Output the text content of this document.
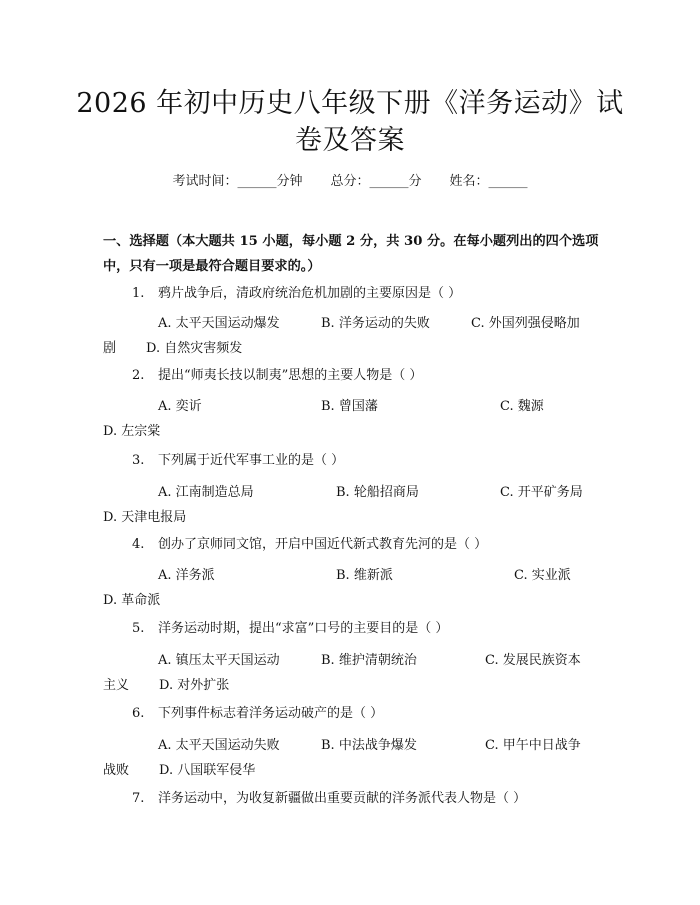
2026 年初中历史八年级下册《洋务运动》试
卷及答案
考试时间：______分钟 总分：______分 姓名：______
一、选择题（本大题共 15 小题，每小题 2 分，共 30 分。在每小题列出的四个选项中，只有一项是最符合题目要求的。）
1. 鸦片战争后，清政府统治危机加剧的主要原因是（ ）
A. 太平天国运动爆发	B. 洋务运动的失败	C. 外国列强侵略加
剧 D. 自然灾害频发
2. 提出“师夷长技以制夷”思想的主要人物是（ ）
A. 奕䜣	B. 曾国藩	C. 魏源
D. 左宗棠
3. 下列属于近代军事工业的是（ ）
A. 江南制造总局	B. 轮船招商局	C. 开平矿务局
D. 天津电报局
4. 创办了京师同文馆，开启中国近代新式教育先河的是（ ）
A. 洋务派	B. 维新派	C. 实业派
D. 革命派
5. 洋务运动时期，提出“求富”口号的主要目的是（ ）
A. 镇压太平天国运动	B. 维护清朝统治	C. 发展民族资本
主义 D. 对外扩张
6. 下列事件标志着洋务运动破产的是（ ）
A. 太平天国运动失败	B. 中法战争爆发	C. 甲午中日战争
战败 D. 八国联军侵华
7. 洋务运动中，为收复新疆做出重要贡献的洋务派代表人物是（ ）
